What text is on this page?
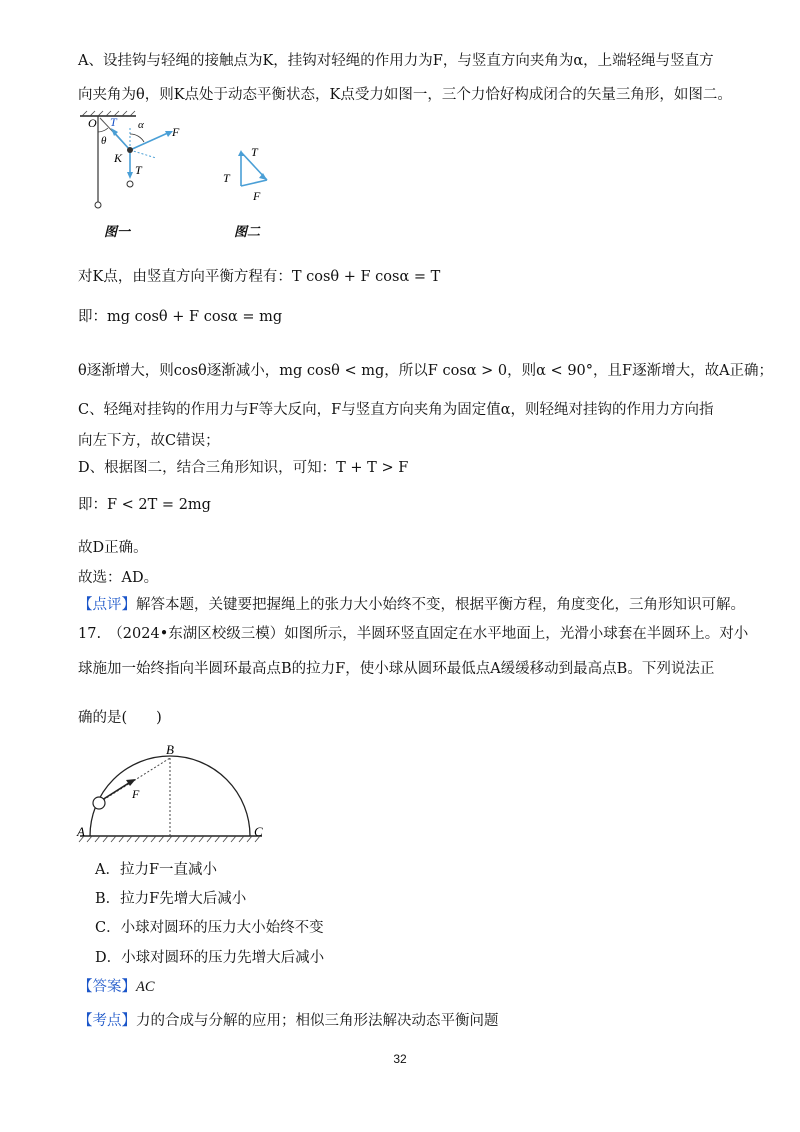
A、设挂钩与轻绳的接触点为K，挂钩对轻绳的作用力为F，与竖直方向夹角为α，上端轻绳与竖直方
向夹角为θ，则K点处于动态平衡状态，K点受力如图一，三个力恰好构成闭合的矢量三角形，如图二。
O T α F
θ
K
T
图一
T
T
F
图二
对K点，由竖直方向平衡方程有：T cosθ + F cosα = T
即：mg cosθ + F cosα = mg
θ逐渐增大，则cosθ逐渐减小，mg cosθ < mg，所以F cosα > 0，则α < 90°，且F逐渐增大，故A正确；
C、轻绳对挂钩的作用力与F等大反向，F与竖直方向夹角为固定值α，则轻绳对挂钩的作用力方向指
向左下方，故C错误；
D、根据图二，结合三角形知识，可知：T + T > F
即：F < 2T = 2mg
故D正确。
故选：AD。
【点评】解答本题，关键要把握绳上的张力大小始终不变，根据平衡方程，角度变化，三角形知识可解。
17.　（2024•东湖区校级三模）如图所示，半圆环竖直固定在水平地面上，光滑小球套在半圆环上。对小
球施加一始终指向半圆环最高点B的拉力F，使小球从圆环最低点A缓缓移动到最高点B。下列说法正
确的是(　　)
A
B
C
F
A．拉力F一直减小
B．拉力F先增大后减小
C．小球对圆环的压力大小始终不变
D．小球对圆环的压力先增大后减小
【答案】AC
【考点】力的合成与分解的应用；相似三角形法解决动态平衡问题
32
